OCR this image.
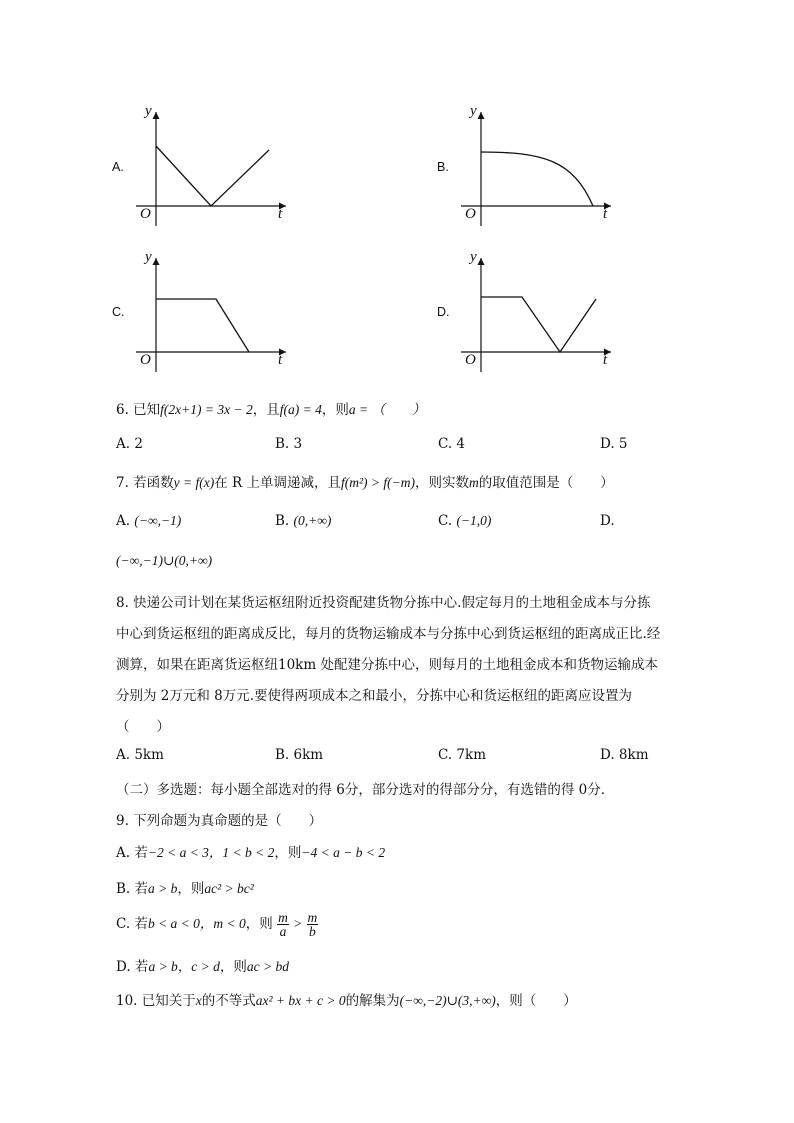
A.
y
t
O
B.
y
t
O
C.
y
t
O
D.
y
t
O
6. 已知f(2x+1) = 3x − 2，且f(a) = 4，则a = （　　）
A. 2	B. 3	C. 4	D. 5
7. 若函数y = f(x)在 R 上单调递减，且f(m²) > f(−m)，则实数m的取值范围是（　　）
A. (−∞,−1)	B. (0,+∞)	C. (−1,0)	D.
(−∞,−1)∪(0,+∞)
8. 快递公司计划在某货运枢纽附近投资配建货物分拣中心.假定每月的土地租金成本与分拣
中心到货运枢纽的距离成反比，每月的货物运输成本与分拣中心到货运枢纽的距离成正比.经
测算，如果在距离货运枢纽10km 处配建分拣中心，则每月的土地租金成本和货物运输成本
分别为 2万元和 8万元.要使得两项成本之和最小，分拣中心和货运枢纽的距离应设置为
（　　）
A. 5km	B. 6km	C. 7km	D. 8km
（二）多选题：每小题全部选对的得 6分，部分选对的得部分分，有选错的得 0分．
9. 下列命题为真命题的是（　　）
A. 若−2 < a < 3，1 < b < 2，则−4 < a − b < 2
B. 若a > b，则ac² > bc²
C. 若b < a < 0，m < 0，则 $\frac{m}{a} > \frac{m}{b}$
D. 若a > b，c > d，则ac > bd
10. 已知关于x的不等式ax² + bx + c > 0的解集为(−∞,−2)∪(3,+∞)，则（　　）
